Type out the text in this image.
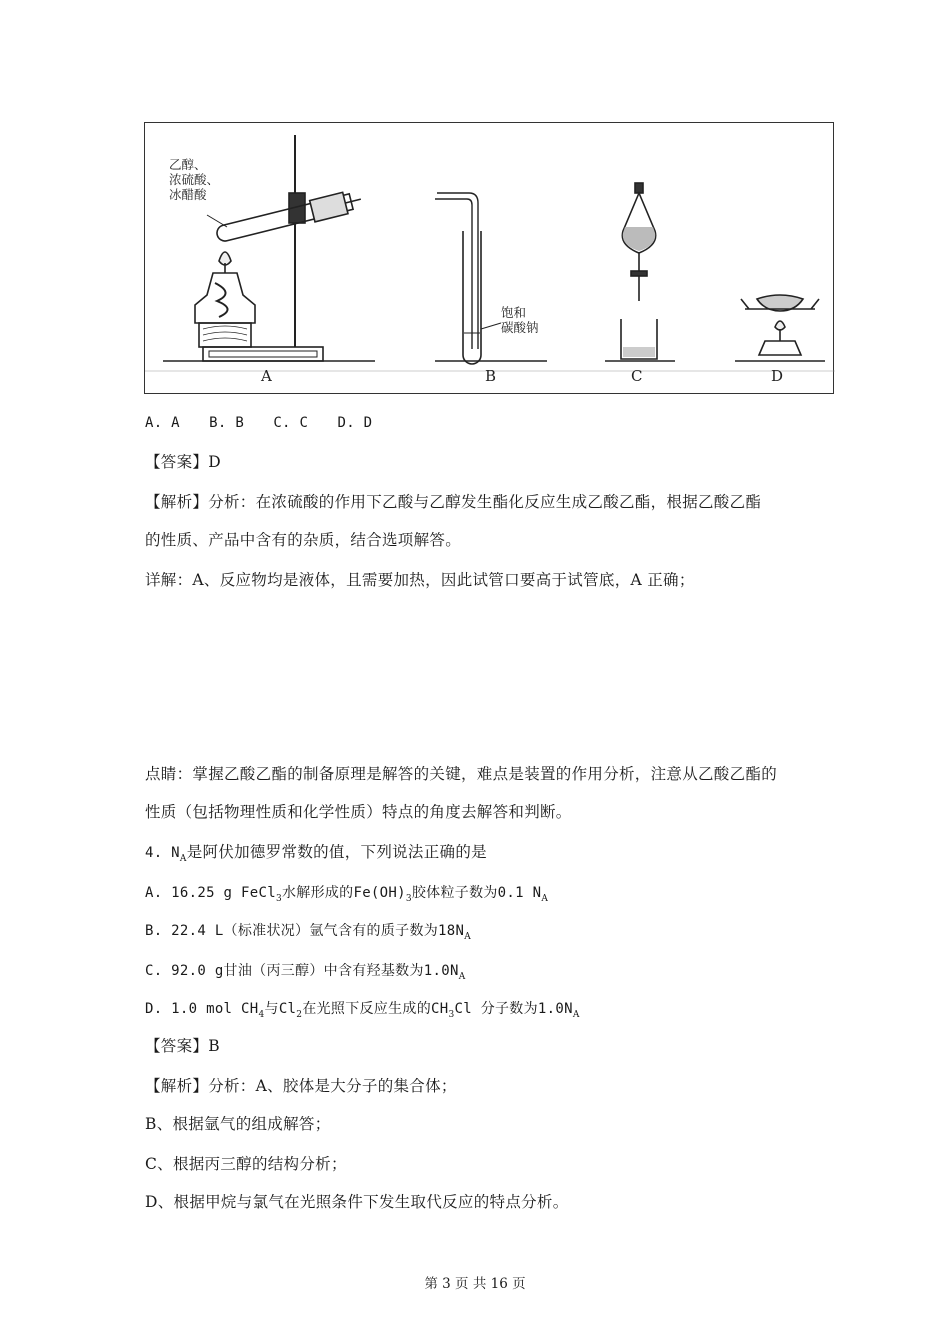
乙醇、
浓硫酸、
冰醋酸
饱和
碳酸钠
A	B	C	D
A. A B. B C. C D. D
【答案】D
【解析】分析：在浓硫酸的作用下乙酸与乙醇发生酯化反应生成乙酸乙酯，根据乙酸乙酯
的性质、产品中含有的杂质，结合选项解答。
详解：A、反应物均是液体，且需要加热，因此试管口要高于试管底，A 正确；
点睛：掌握乙酸乙酯的制备原理是解答的关键，难点是装置的作用分析，注意从乙酸乙酯的
性质（包括物理性质和化学性质）特点的角度去解答和判断。
4. $N_A$是阿伏加德罗常数的值，下列说法正确的是
A. 16.25 g FeCl$_3$水解形成的$Fe(OH)_3$胶体粒子数为0.1 $N_A$
B. 22.4 L（标准状况）氩气含有的质子数为$18N_A$
C. 92.0 g甘油（丙三醇）中含有羟基数为$1.0N_A$
D. 1.0 mol $CH_4$与$Cl_2$在光照下反应生成的$CH_3Cl$ 分子数为$1.0N_A$
【答案】B
【解析】分析：A、胶体是大分子的集合体；
B、根据氩气的组成解答；
C、根据丙三醇的结构分析；
D、根据甲烷与氯气在光照条件下发生取代反应的特点分析。
第 3 页 共 16 页
